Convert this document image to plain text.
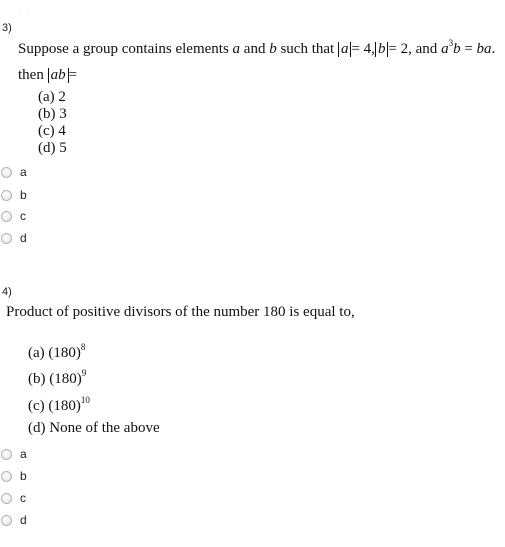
3)
. .
Suppose a group contains elements a and b such that a = 4, b = 2, and $a^3b$ = ba.
then ab =
(a) 2
(b) 3
(c) 4
(d) 5
a
b
c
d
4)
Product of positive divisors of the number 180 is equal to,
(a) $(180)^8$
(b) $(180)^9$
(c) $(180)^{10}$
(d) None of the above
a
b
c
d
